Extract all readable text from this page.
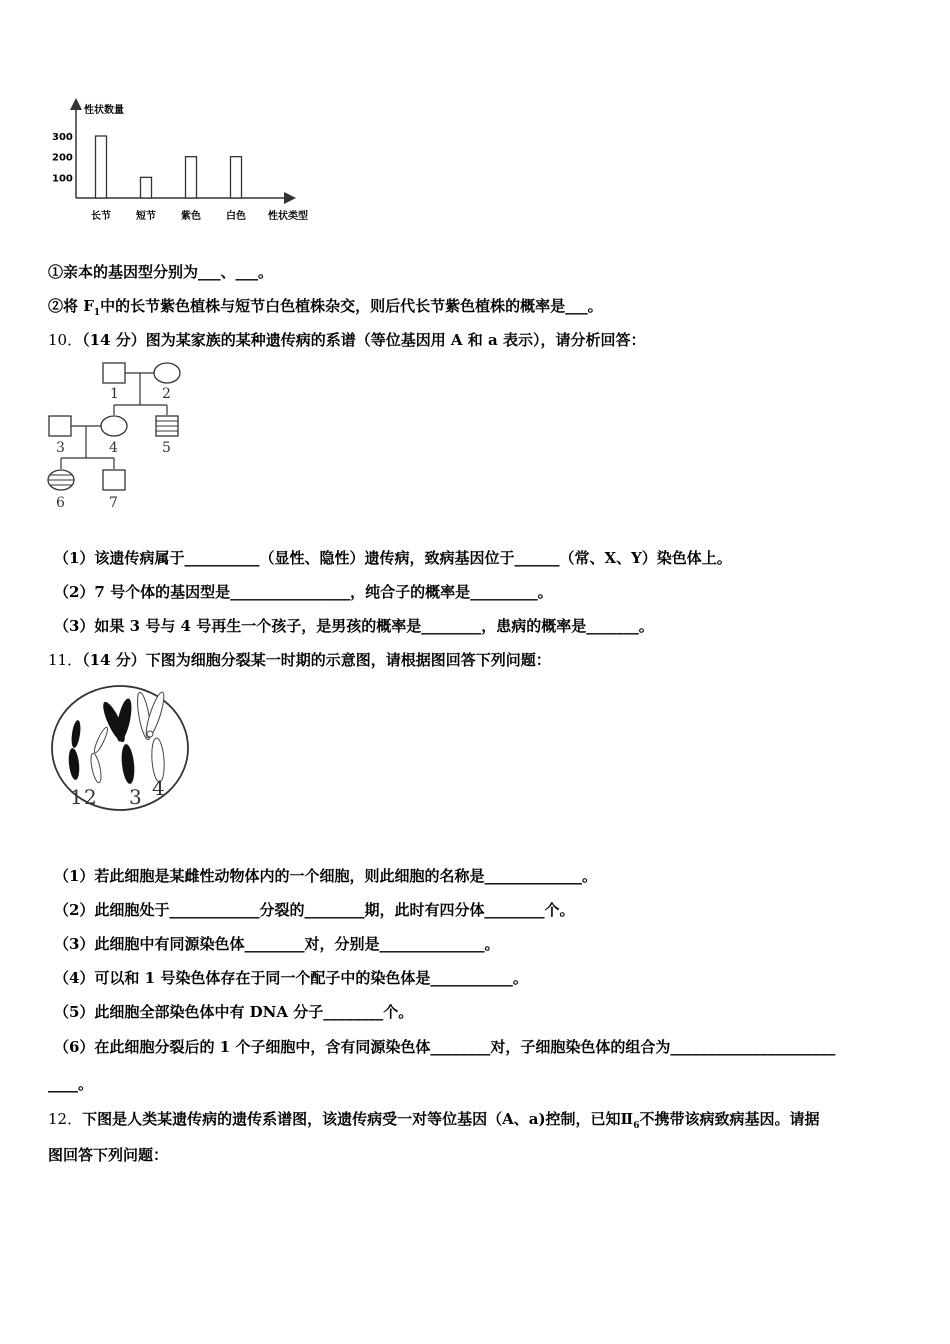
性状数量
性状类型
300
200
100
长节	短节	紫色	白色
①亲本的基因型分别为___、___。
②将 $F_1$中的长节紫色植株与短节白色植株杂交，则后代长节紫色植株的概率是___。
10．（14 分）图为某家族的某种遗传病的系谱（等位基因用 A 和 a 表示），请分析回答：
1	2
3	4	5
6	7
（1）该遗传病属于__________（显性、隐性）遗传病，致病基因位于______（常、X、Y）染色体上。
（2）7 号个体的基因型是________________，纯合子的概率是_________。
（3）如果 3 号与 4 号再生一个孩子，是男孩的概率是________，患病的概率是_______。
11．（14 分）下图为细胞分裂某一时期的示意图，请根据图回答下列问题：
1 2 3 4
（1）若此细胞是某雌性动物体内的一个细胞，则此细胞的名称是_____________。
（2）此细胞处于____________分裂的________期，此时有四分体________个。
（3）此细胞中有同源染色体________对，分别是______________。
（4）可以和 1 号染色体存在于同一个配子中的染色体是___________。
（5）此细胞全部染色体中有 DNA 分子________个。
（6）在此细胞分裂后的 1 个子细胞中，含有同源染色体________对，子细胞染色体的组合为______________________
____。
12．下图是人类某遗传病的遗传系谱图，该遗传病受一对等位基因（A、a)控制，已知$Ⅱ_6$不携带该病致病基因。请据
图回答下列问题：
